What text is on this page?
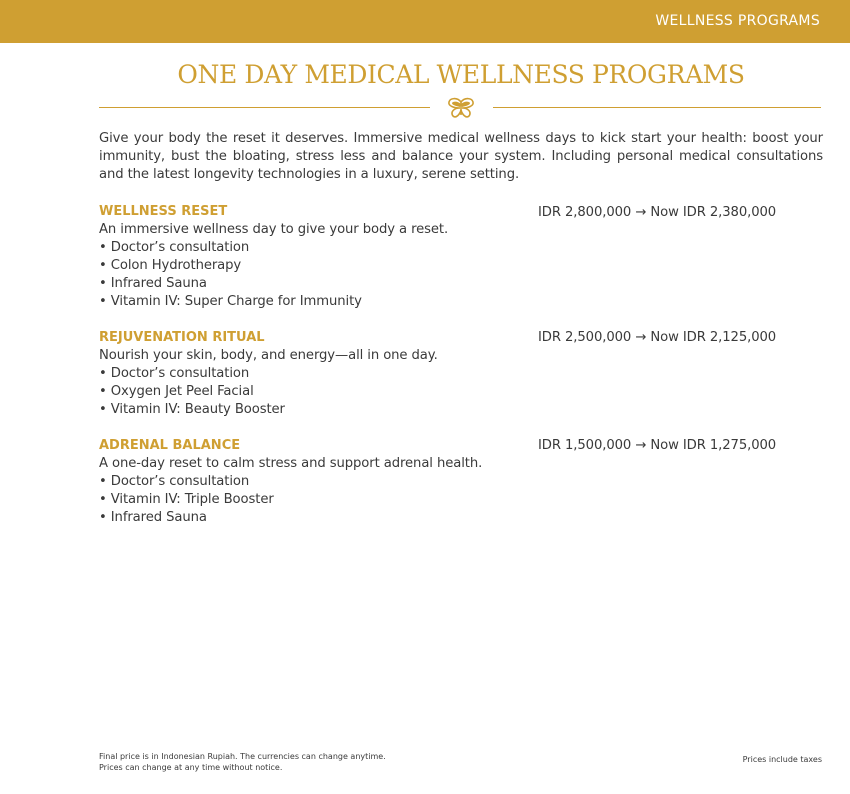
WELLNESS PROGRAMS
ONE DAY MEDICAL WELLNESS PROGRAMS

Give your body the reset it deserves. Immersive medical wellness days to kick start your health: boost your immunity, bust the bloating, stress less and balance your system. Including personal medical consultations and the latest longevity technologies in a luxury, serene setting.

WELLNESS RESET

An immersive wellness day to give your body a reset.

• Doctor’s consultation
• Colon Hydrotherapy
• Infrared Sauna
• Vitamin IV: Super Charge for Immunity
IDR 2,800,000 → Now IDR 2,380,000

REJUVENATION RITUAL

Nourish your skin, body, and energy—all in one day.

• Doctor’s consultation
• Oxygen Jet Peel Facial
• Vitamin IV: Beauty Booster
IDR 2,500,000 → Now IDR 2,125,000

ADRENAL BALANCE

A one-day reset to calm stress and support adrenal health.

• Doctor’s consultation
• Vitamin IV: Triple Booster
• Infrared Sauna
IDR 1,500,000 → Now IDR 1,275,000
Final price is in Indonesian Rupiah. The currencies can change anytime.
Prices can change at any time without notice.
Prices include taxes
